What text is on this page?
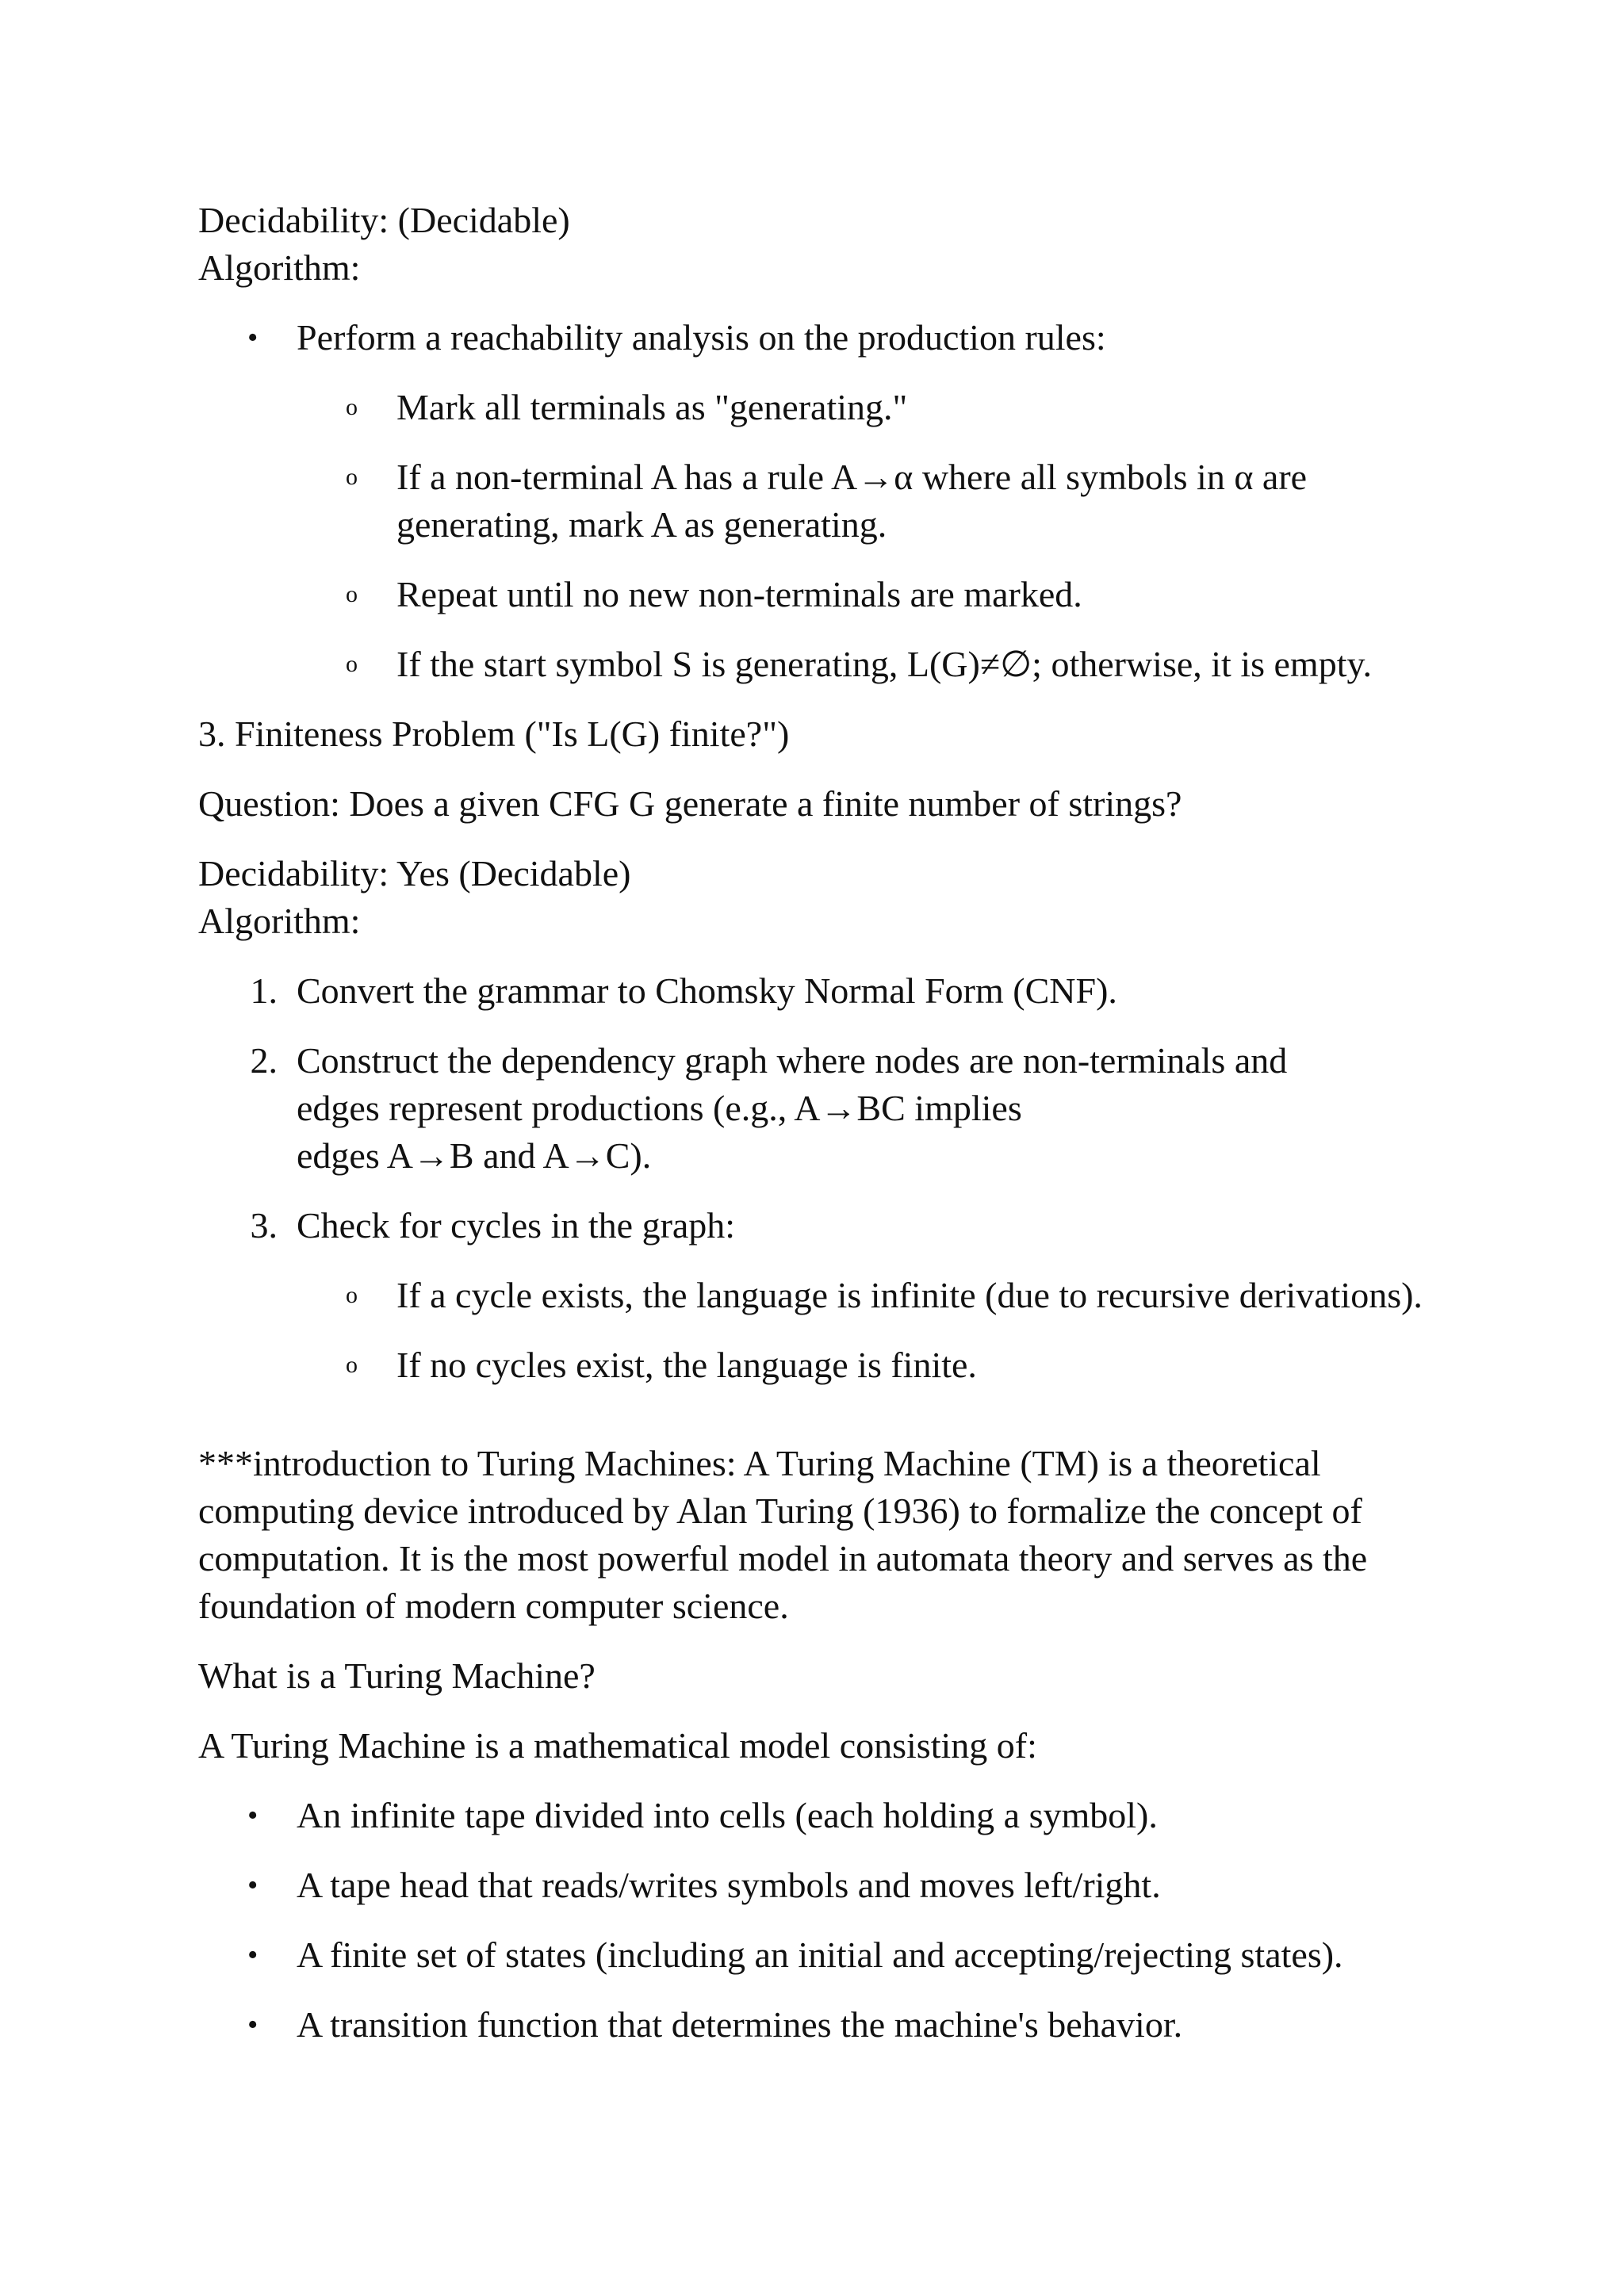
Decidability: (Decidable)
Algorithm:

•	Perform a reachability analysis on the production rules:
o	Mark all terminals as "generating."
o	If a non-terminal A has a rule A→α where all symbols in α are generating, mark A as generating.
o	Repeat until no new non-terminals are marked.
o	If the start symbol S is generating, L(G)≠∅; otherwise, it is empty.

3. Finiteness Problem ("Is L(G) finite?")

Question: Does a given CFG G generate a finite number of strings?

Decidability: Yes (Decidable)
Algorithm:

1. Convert the grammar to Chomsky Normal Form (CNF).
2. Construct the dependency graph where nodes are non-terminals and
edges represent productions (e.g., A→BC implies
edges A→B and A→C).
3. Check for cycles in the graph:
o	If a cycle exists, the language is infinite (due to recursive derivations).
o	If no cycles exist, the language is finite.

***introduction to Turing Machines: A Turing Machine (TM) is a theoretical computing device introduced by Alan Turing (1936) to formalize the concept of computation. It is the most powerful model in automata theory and serves as the foundation of modern computer science.

What is a Turing Machine?

A Turing Machine is a mathematical model consisting of:

•	An infinite tape divided into cells (each holding a symbol).
•	A tape head that reads/writes symbols and moves left/right.
•	A finite set of states (including an initial and accepting/rejecting states).
•	A transition function that determines the machine's behavior.
